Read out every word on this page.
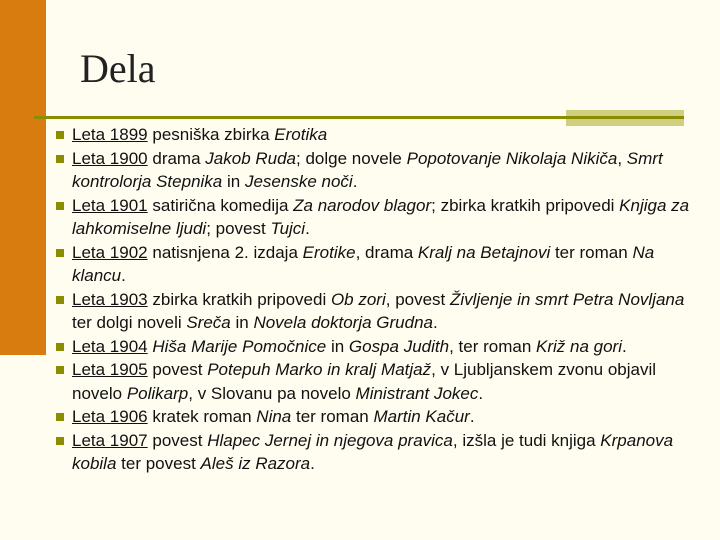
Dela
Leta 1899 pesniška zbirka Erotika
Leta 1900 drama Jakob Ruda; dolge novele Popotovanje Nikolaja Nikiča, Smrt kontrolorja Stepnika in Jesenske noči.
Leta 1901 satirična komedija Za narodov blagor; zbirka kratkih pripovedi Knjiga za lahkomiselne ljudi; povest Tujci.
Leta 1902 natisnjena 2. izdaja Erotike, drama Kralj na Betajnovi ter roman Na klancu.
Leta 1903 zbirka kratkih pripovedi Ob zori, povest Življenje in smrt Petra Novljana ter dolgi noveli Sreča in Novela doktorja Grudna.
Leta 1904 Hiša Marije Pomočnice in Gospa Judith, ter roman Križ na gori.
Leta 1905 povest Potepuh Marko in kralj Matjaž, v Ljubljanskem zvonu objavil novelo Polikarp, v Slovanu pa novelo Ministrant Jokec.
Leta 1906 kratek roman Nina ter roman Martin Kačur.
Leta 1907 povest Hlapec Jernej in njegova pravica, izšla je tudi knjiga Krpanova kobila ter povest Aleš iz Razora.
